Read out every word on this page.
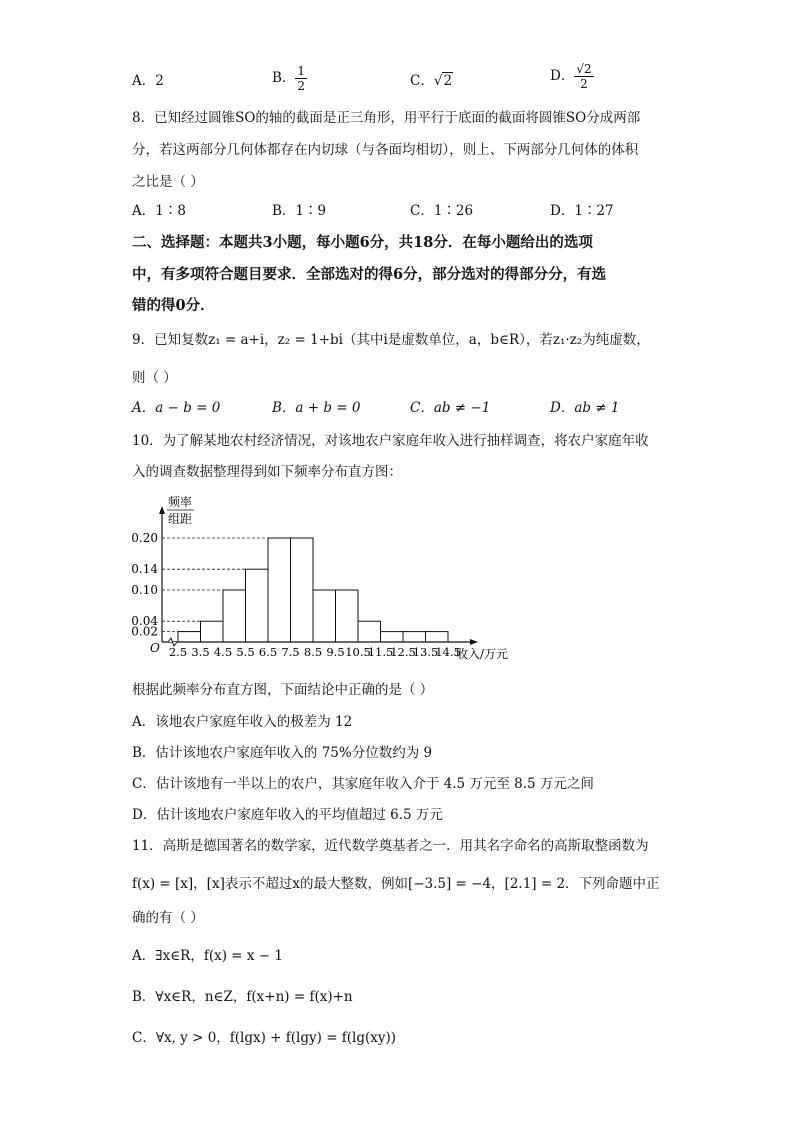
A．2	B． $\frac{1}{2}$	C．√2	D． $\frac{√2}{2}$
8．已知经过圆锥SO的轴的截面是正三角形，用平行于底面的截面将圆锥SO分成两部
分，若这两部分几何体都存在内切球（与各面均相切），则上、下两部分几何体的体积
之比是（ ）
A．1∶8	B．1∶9	C．1∶26	D．1∶27
二、选择题：本题共3小题，每小题6分，共18分．在每小题给出的选项
中，有多项符合题目要求．全部选对的得6分，部分选对的得部分分，有选
错的得0分．
9．已知复数z₁ = a+i，z₂ = 1+bi（其中i是虚数单位，a，b∈R），若z₁·z₂为纯虚数，
则（ ）
A．a − b = 0	B．a + b = 0	C．ab ≠ −1	D．ab ≠ 1
10．为了解某地农村经济情况，对该地农户家庭年收入进行抽样调查，将农户家庭年收
入的调查数据整理得到如下频率分布直方图：
0.02
0.04
0.10
0.14
0.20
2.5 3.5 4.5 5.5 6.5 7.5 8.5 9.5 10.5
11.5
12.5
13.5
14.5
O	收入/万元
频率
组距
根据此频率分布直方图，下面结论中正确的是（ ）
A．该地农户家庭年收入的极差为 12
B．估计该地农户家庭年收入的 75%分位数约为 9
C．估计该地有一半以上的农户，其家庭年收入介于 4.5 万元至 8.5 万元之间
D．估计该地农户家庭年收入的平均值超过 6.5 万元
11．高斯是德国著名的数学家，近代数学奠基者之一．用其名字命名的高斯取整函数为
f(x) = [x]，[x]表示不超过x的最大整数，例如[−3.5] = −4，[2.1] = 2．下列命题中正
确的有（ ）
A．∃x∈R，f(x) = x − 1
B．∀x∈R，n∈Z，f(x+n) = f(x)+n
C．∀x, y > 0，f(lgx) + f(lgy) = f(lg(xy))
